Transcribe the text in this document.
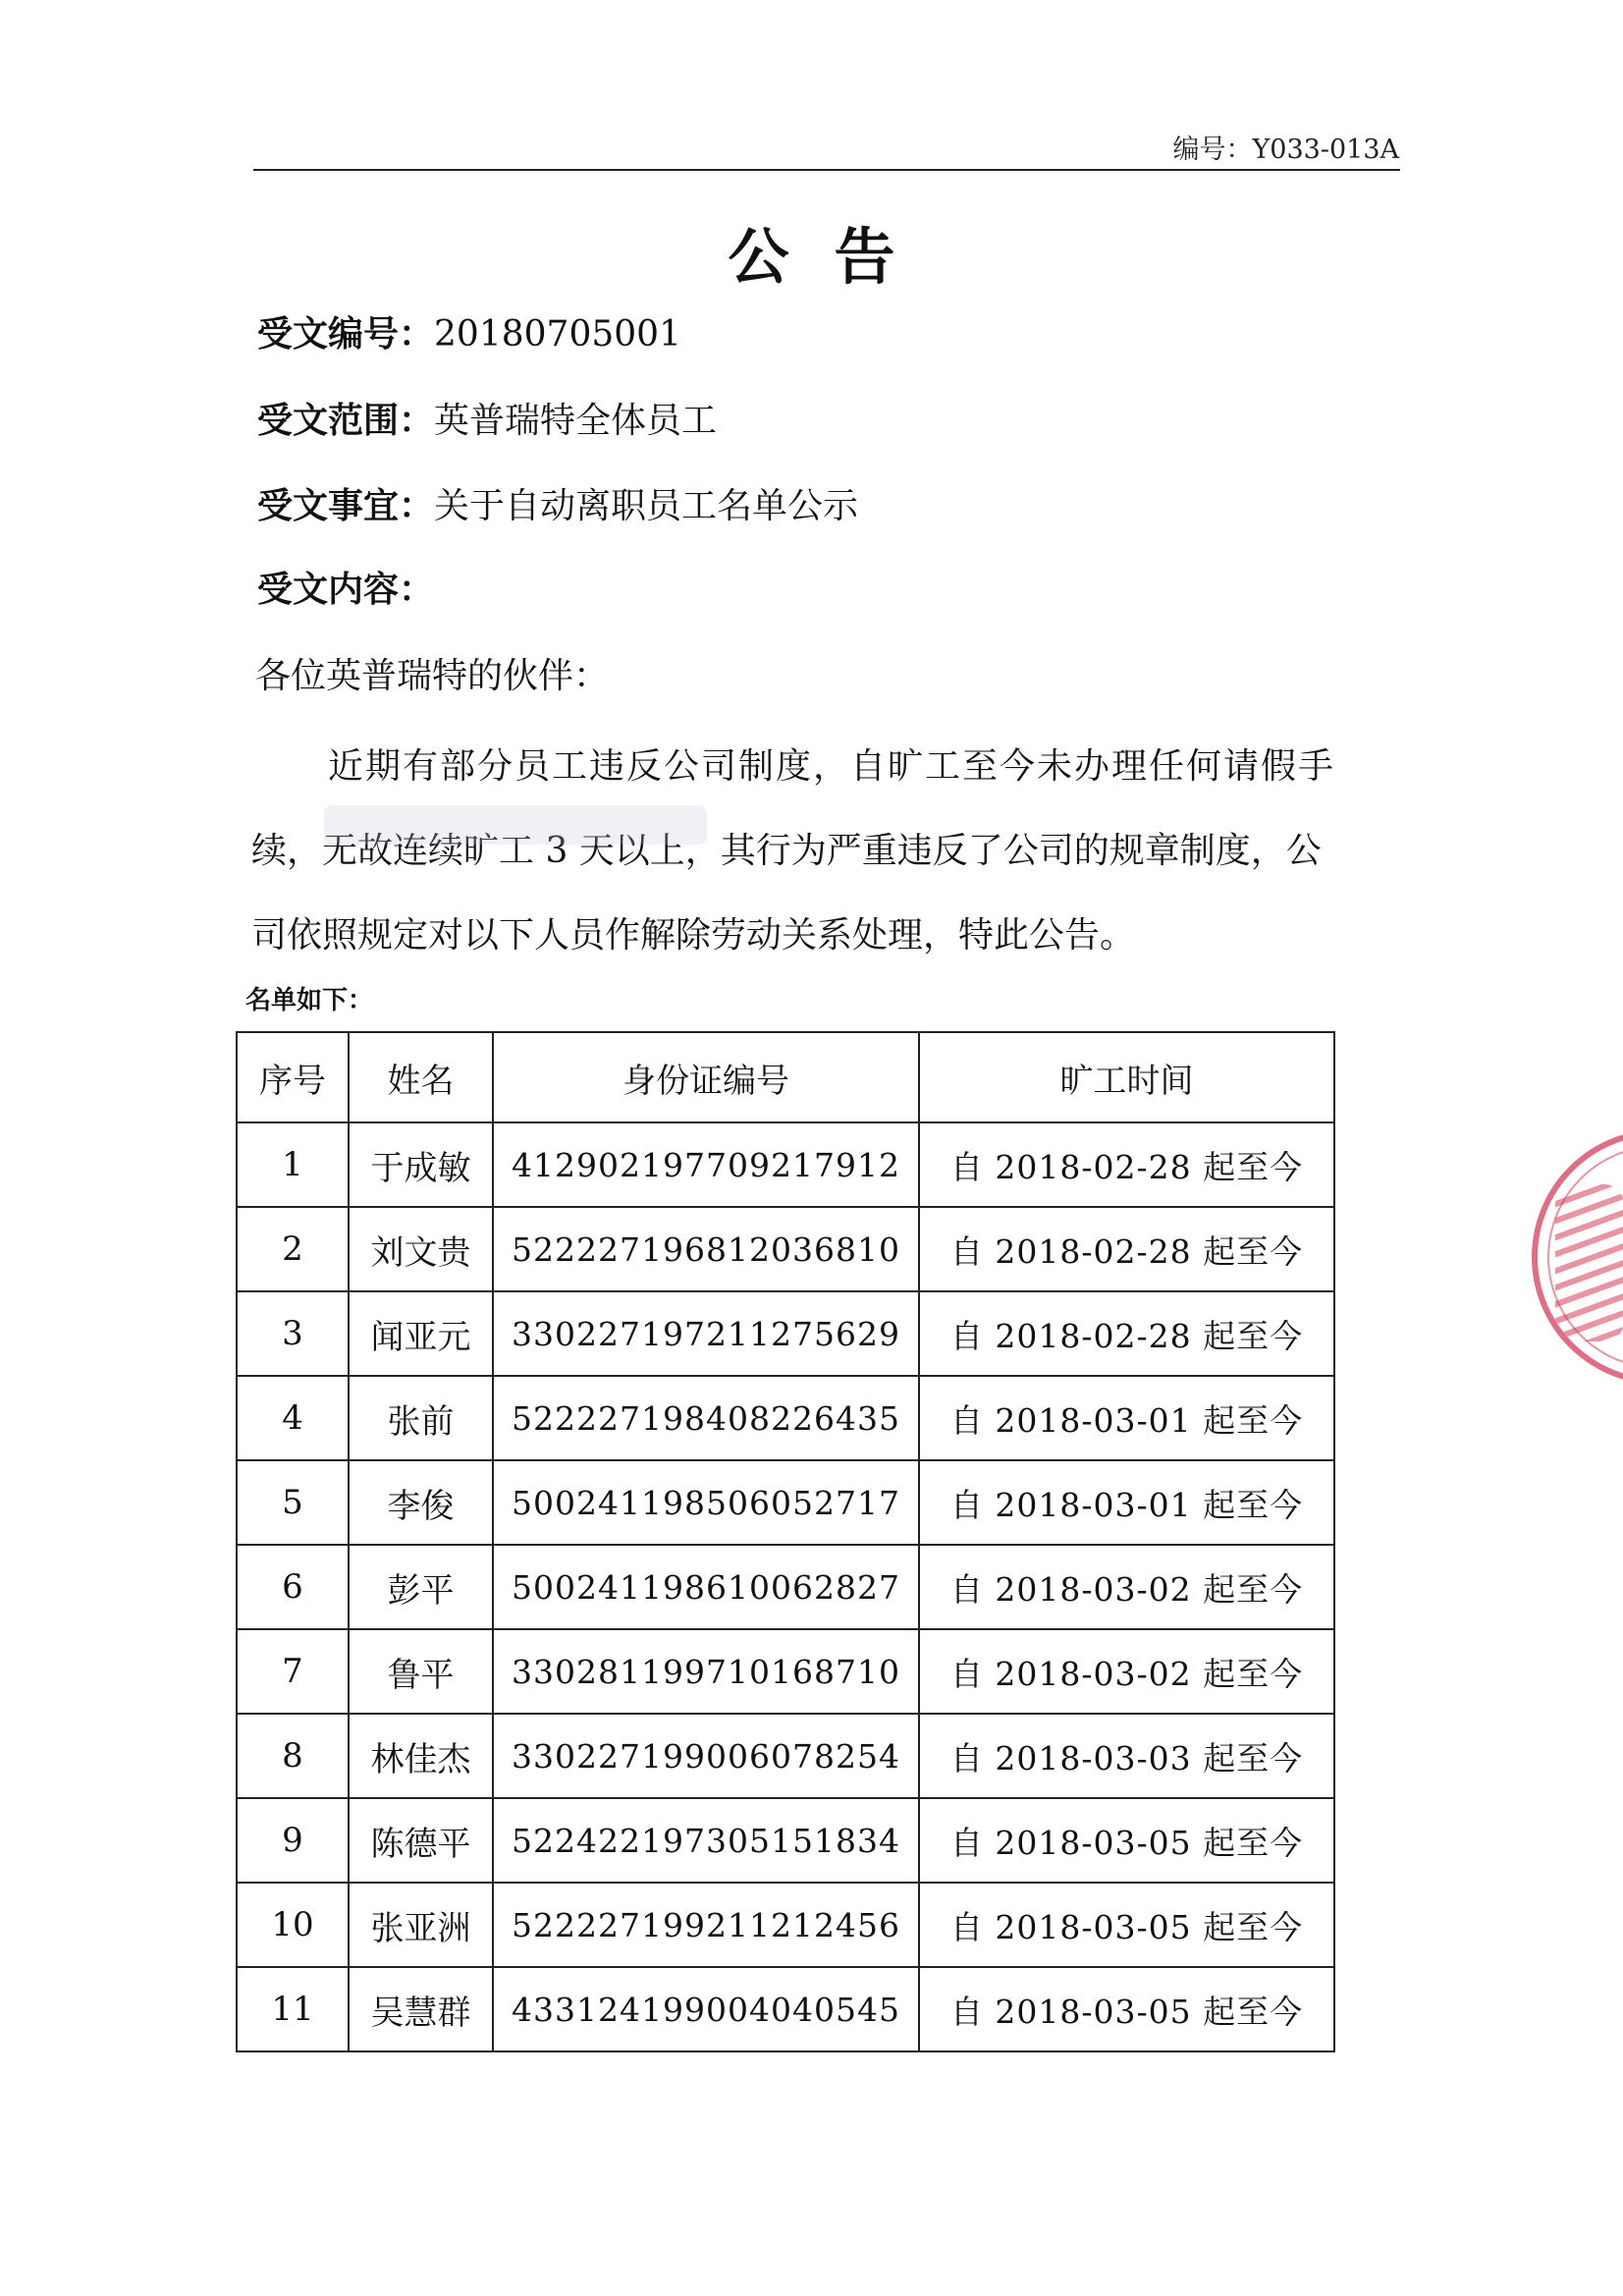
编号：Y033-013A
公告
受文编号：20180705001
受文范围：英普瑞特全体员工
受文事宜：关于自动离职员工名单公示
受文内容：
各位英普瑞特的伙伴：
近期有部分员工违反公司制度，自旷工至今未办理任何请假手
续，无故连续旷工 3 天以上，其行为严重违反了公司的规章制度，公
司依照规定对以下人员作解除劳动关系处理，特此公告。
名单如下：
序号	姓名	身份证编号	旷工时间
1	于成敏	412902197709217912	自 2018-02-28 起至今
2	刘文贵	522227196812036810	自 2018-02-28 起至今
3	闻亚元	330227197211275629	自 2018-02-28 起至今
4	张前	522227198408226435	自 2018-03-01 起至今
5	李俊	500241198506052717	自 2018-03-01 起至今
6	彭平	500241198610062827	自 2018-03-02 起至今
7	鲁平	330281199710168710	自 2018-03-02 起至今
8	林佳杰	330227199006078254	自 2018-03-03 起至今
9	陈德平	522422197305151834	自 2018-03-05 起至今
10	张亚洲	522227199211212456	自 2018-03-05 起至今
11	吴慧群	433124199004040545	自 2018-03-05 起至今
